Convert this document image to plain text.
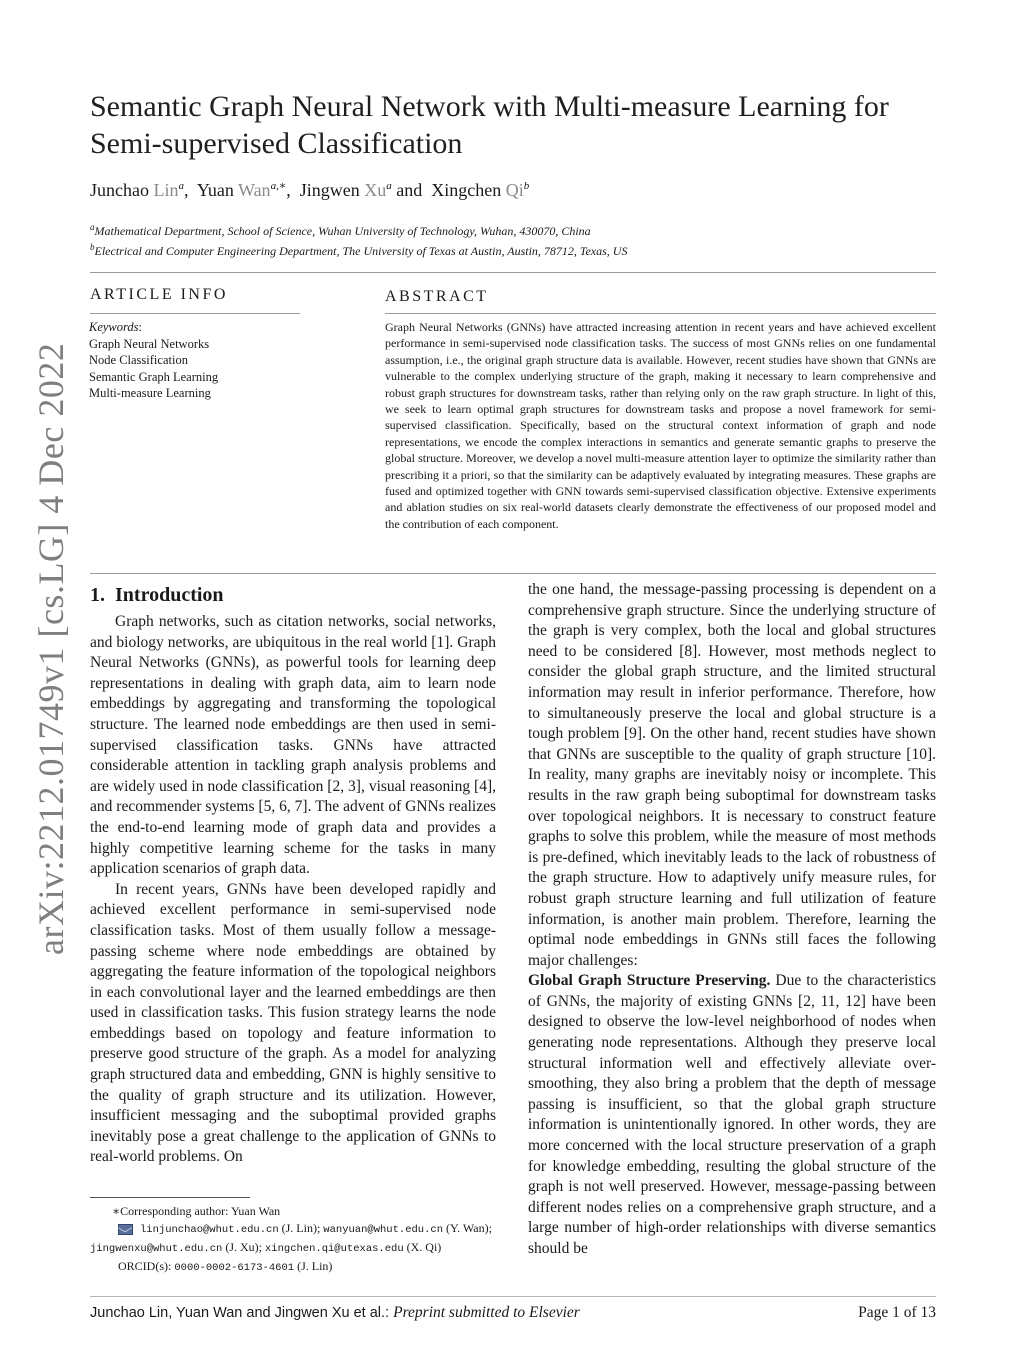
arXiv:2212.01749v1 [cs.LG] 4 Dec 2022
Semantic Graph Neural Network with Multi-measure Learning for Semi-supervised Classification
Junchao Lin$^a$,  Yuan Wan$^{a,∗}$,  Jingwen Xu$^a$ and Xingchen Qi$^b$
$^a$Mathematical Department, School of Science, Wuhan University of Technology, Wuhan, 430070, China
$^b$Electrical and Computer Engineering Department, The University of Texas at Austin, Austin, 78712, Texas, US
ARTICLE INFO	ABSTRACT
Keywords:
Graph Neural Networks
Node Classification
Semantic Graph Learning
Multi-measure Learning
Graph Neural Networks (GNNs) have attracted increasing attention in recent years and have achieved excellent performance in semi-supervised node classification tasks. The success of most GNNs relies on one fundamental assumption, i.e., the original graph structure data is available. However, recent studies have shown that GNNs are vulnerable to the complex underlying structure of the graph, making it necessary to learn comprehensive and robust graph structures for downstream tasks, rather than relying only on the raw graph structure. In light of this, we seek to learn optimal graph structures for downstream tasks and propose a novel framework for semi-supervised classification. Specifically, based on the structural context information of graph and node representations, we encode the complex interactions in semantics and generate semantic graphs to preserve the global structure. Moreover, we develop a novel multi-measure attention layer to optimize the similarity rather than prescribing it a priori, so that the similarity can be adaptively evaluated by integrating measures. These graphs are fused and optimized together with GNN towards semi-supervised classification objective. Extensive experiments and ablation studies on six real-world datasets clearly demonstrate the effectiveness of our proposed model and the contribution of each component.
1. Introduction

Graph networks, such as citation networks, social networks, and biology networks, are ubiquitous in the real world [1]. Graph Neural Networks (GNNs), as powerful tools for learning deep representations in dealing with graph data, aim to learn node embeddings by aggregating and transforming the topological structure. The learned node embeddings are then used in semi-supervised classification tasks. GNNs have attracted considerable attention in tackling graph analysis problems and are widely used in node classification [2, 3], visual reasoning [4], and recommender systems [5, 6, 7]. The advent of GNNs realizes the end-to-end learning mode of graph data and provides a highly competitive learning scheme for the tasks in many application scenarios of graph data.

In recent years, GNNs have been developed rapidly and achieved excellent performance in semi-supervised node classification tasks. Most of them usually follow a message-passing scheme where node embeddings are obtained by aggregating the feature information of the topological neighbors in each convolutional layer and the learned embeddings are then used in classification tasks. This fusion strategy learns the node embeddings based on topology and feature information to preserve good structure of the graph. As a model for analyzing graph structured data and embedding, GNN is highly sensitive to the quality of graph structure and its utilization. However, insufficient messaging and the suboptimal provided graphs inevitably pose a great challenge to the application of GNNs to real-world problems. On

the one hand, the message-passing processing is dependent on a comprehensive graph structure. Since the underlying structure of the graph is very complex, both the local and global structures need to be considered [8]. However, most methods neglect to consider the global graph structure, and the limited structural information may result in inferior performance. Therefore, how to simultaneously preserve the local and global structure is a tough problem [9]. On the other hand, recent studies have shown that GNNs are susceptible to the quality of graph structure [10]. In reality, many graphs are inevitably noisy or incomplete. This results in the raw graph being suboptimal for downstream tasks over topological neighbors. It is necessary to construct feature graphs to solve this problem, while the measure of most methods is pre-defined, which inevitably leads to the lack of robustness of the graph structure. How to adaptively unify measure rules, for robust graph structure learning and full utilization of feature information, is another main problem. Therefore, learning the optimal node embeddings in GNNs still faces the following major challenges:

Global Graph Structure Preserving. Due to the characteristics of GNNs, the majority of existing GNNs [2, 11, 12] have been designed to observe the low-level neighborhood of nodes when generating node representations. Although they preserve local structural information well and effectively alleviate over-smoothing, they also bring a problem that the depth of message passing is insufficient, so that the global graph structure information is unintentionally ignored. In other words, they are more concerned with the local structure preservation of a graph for knowledge embedding, resulting the global structure of the graph is not well preserved. However, message-passing between different nodes relies on a comprehensive graph structure, and a large number of high-order relationships with diverse semantics should be

∗Corresponding author: Yuan Wan
linjunchao@whut.edu.cn (J. Lin); wanyuan@whut.edu.cn (Y. Wan);
jingwenxu@whut.edu.cn (J. Xu); xingchen.qi@utexas.edu (X. Qi)
ORCID(s): 0000-0002-6173-4601 (J. Lin)
Junchao Lin, Yuan Wan and Jingwen Xu et al.: Preprint submitted to Elsevier	Page 1 of 13
